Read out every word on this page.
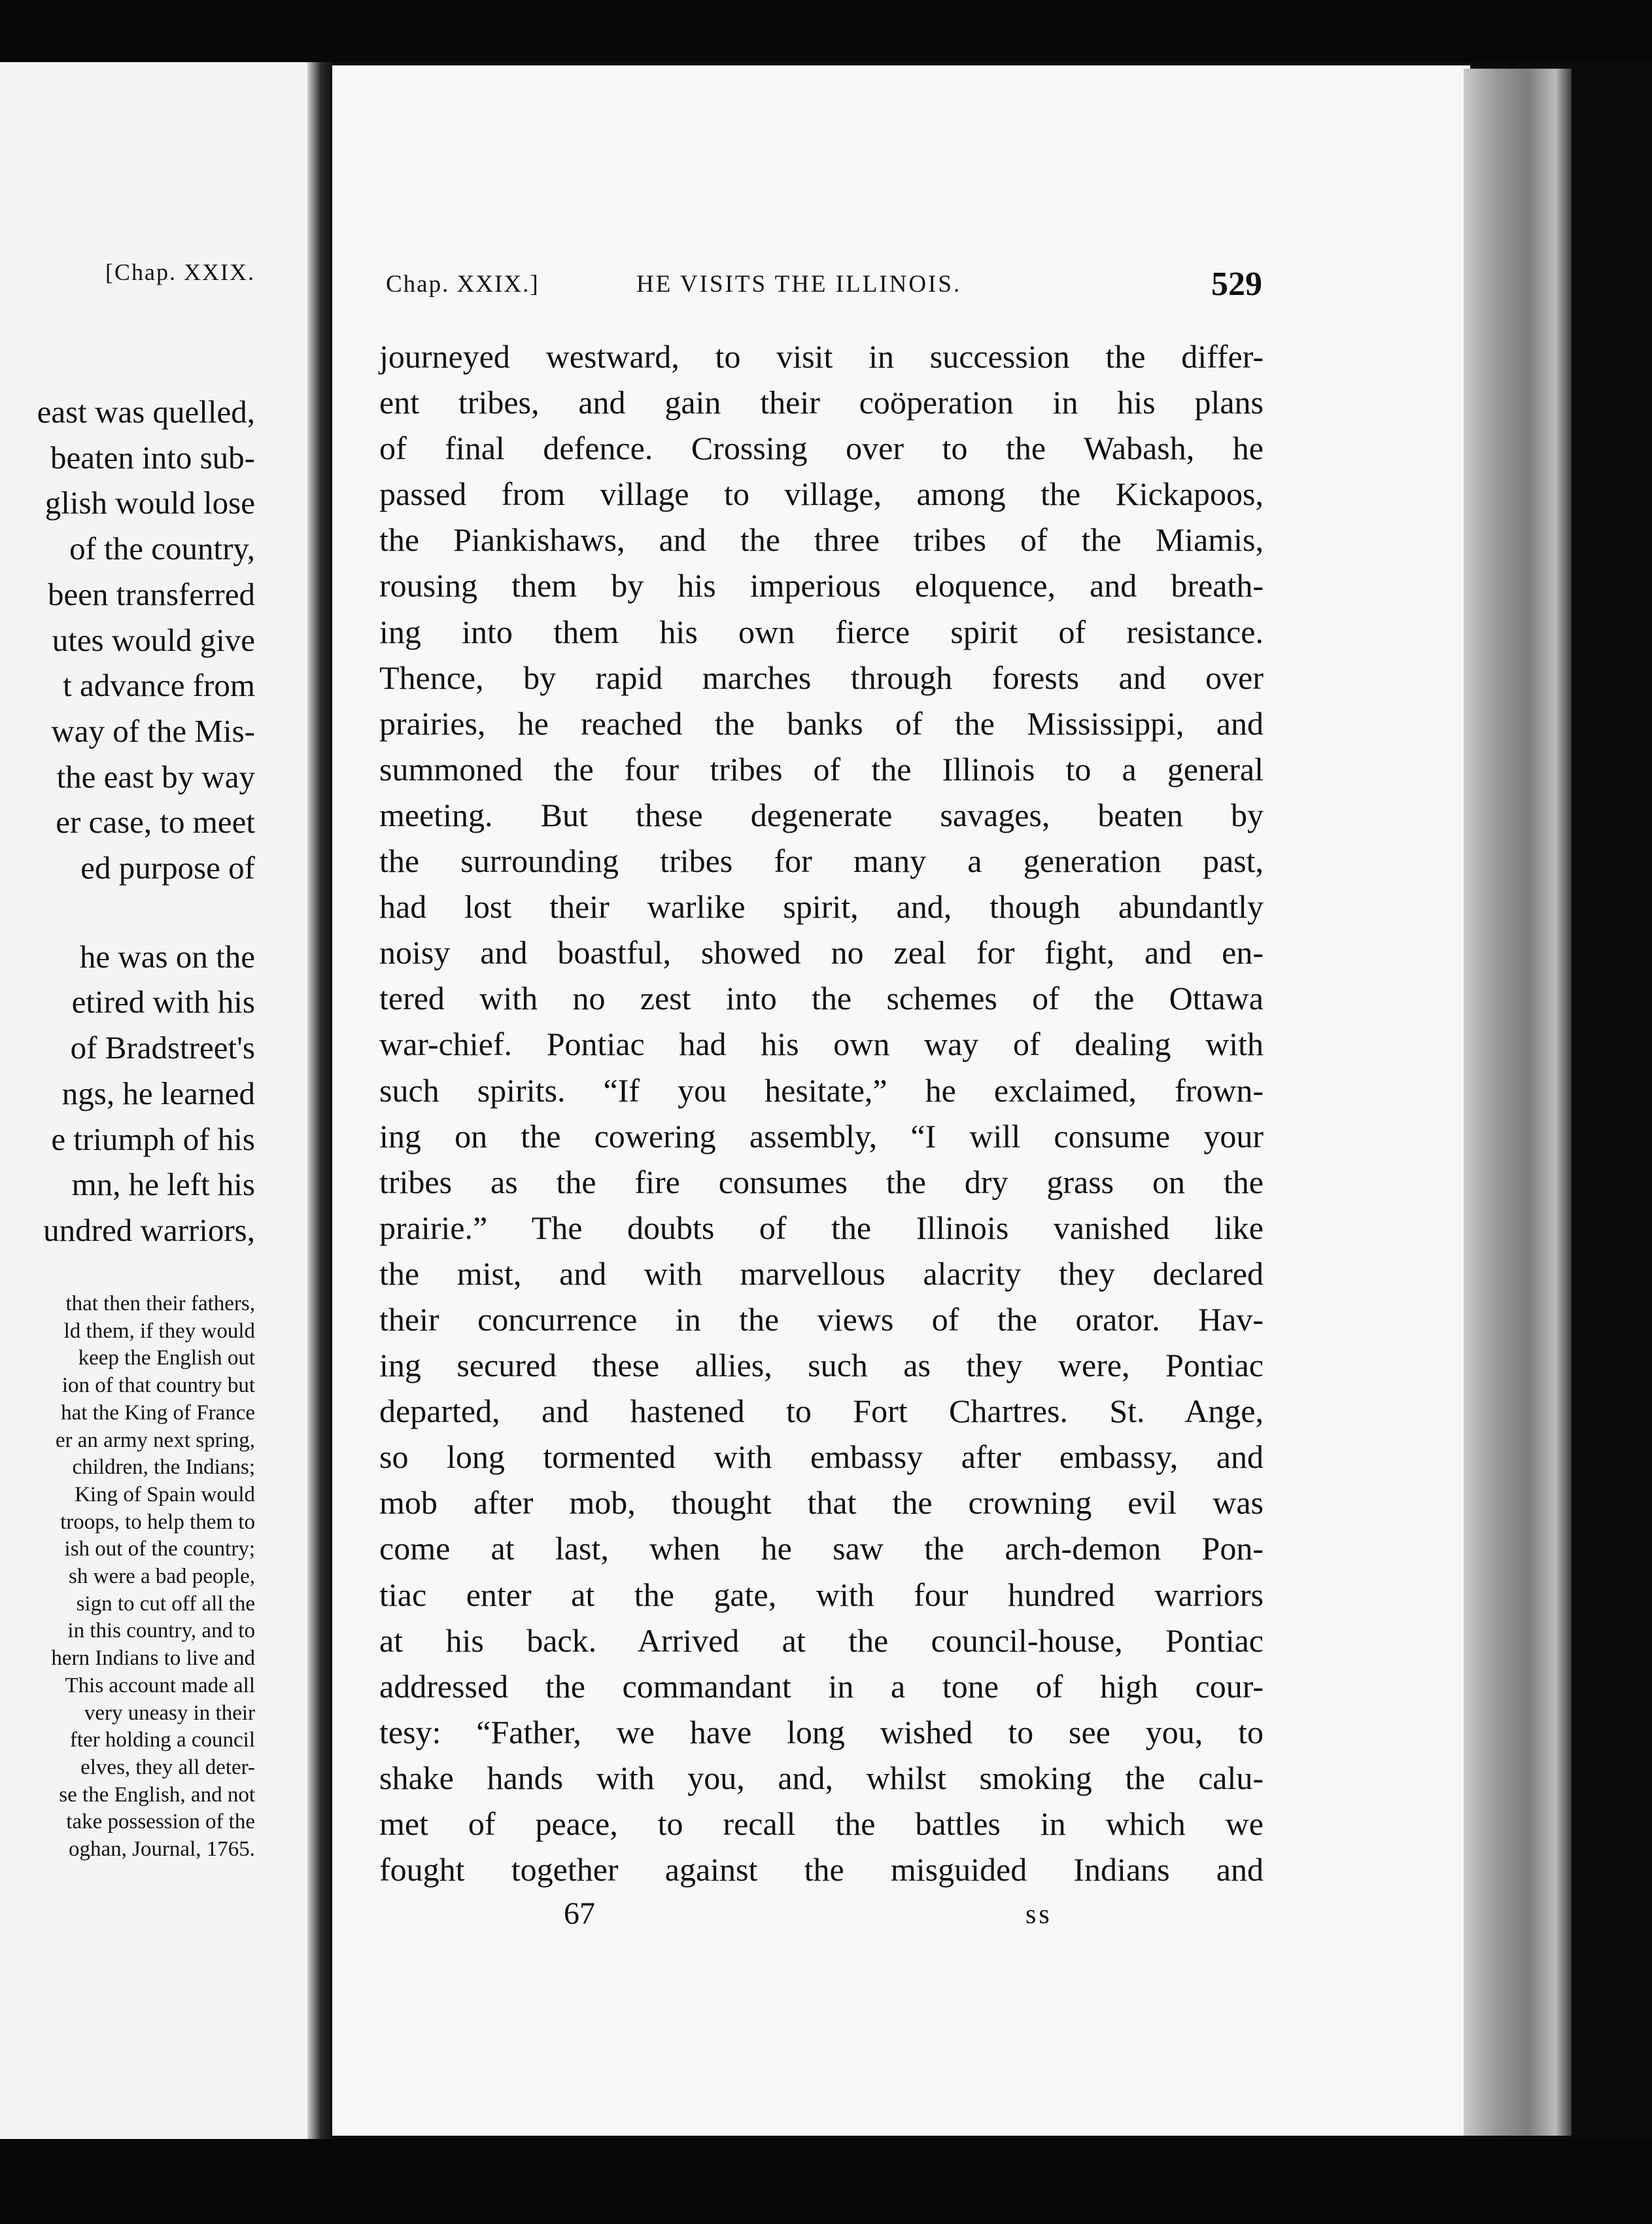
[Chap. XXIX.
east was quelled,
beaten into sub-
glish would lose
of the country,
been transferred
utes would give
t advance from
way of the Mis-
the east by way
er case, to meet
ed purpose of
he was on the
etired with his
of Bradstreet's
ngs, he learned
e triumph of his
mn, he left his
undred warriors,
that then their fathers,
ld them, if they would
keep the English out
ion of that country but
hat the King of France
er an army next spring,
children, the Indians;
King of Spain would
troops, to help them to
ish out of the country;
sh were a bad people,
sign to cut off all the
in this country, and to
hern Indians to live and
This account made all
very uneasy in their
fter holding a council
elves, they all deter-
se the English, and not
take possession of the
oghan, Journal, 1765.
Chap. XXIX.]	HE VISITS THE ILLINOIS.	529
journeyed westward, to visit in succession the differ-
ent tribes, and gain their coöperation in his plans
of final defence. Crossing over to the Wabash, he
passed from village to village, among the Kickapoos,
the Piankishaws, and the three tribes of the Miamis,
rousing them by his imperious eloquence, and breath-
ing into them his own fierce spirit of resistance.
Thence, by rapid marches through forests and over
prairies, he reached the banks of the Mississippi, and
summoned the four tribes of the Illinois to a general
meeting. But these degenerate savages, beaten by
the surrounding tribes for many a generation past,
had lost their warlike spirit, and, though abundantly
noisy and boastful, showed no zeal for fight, and en-
tered with no zest into the schemes of the Ottawa
war-chief. Pontiac had his own way of dealing with
such spirits. “If you hesitate,” he exclaimed, frown-
ing on the cowering assembly, “I will consume your
tribes as the fire consumes the dry grass on the
prairie.” The doubts of the Illinois vanished like
the mist, and with marvellous alacrity they declared
their concurrence in the views of the orator. Hav-
ing secured these allies, such as they were, Pontiac
departed, and hastened to Fort Chartres. St. Ange,
so long tormented with embassy after embassy, and
mob after mob, thought that the crowning evil was
come at last, when he saw the arch-demon Pon-
tiac enter at the gate, with four hundred warriors
at his back. Arrived at the council-house, Pontiac
addressed the commandant in a tone of high cour-
tesy: “Father, we have long wished to see you, to
shake hands with you, and, whilst smoking the calu-
met of peace, to recall the battles in which we
fought together against the misguided Indians and
67	ss
